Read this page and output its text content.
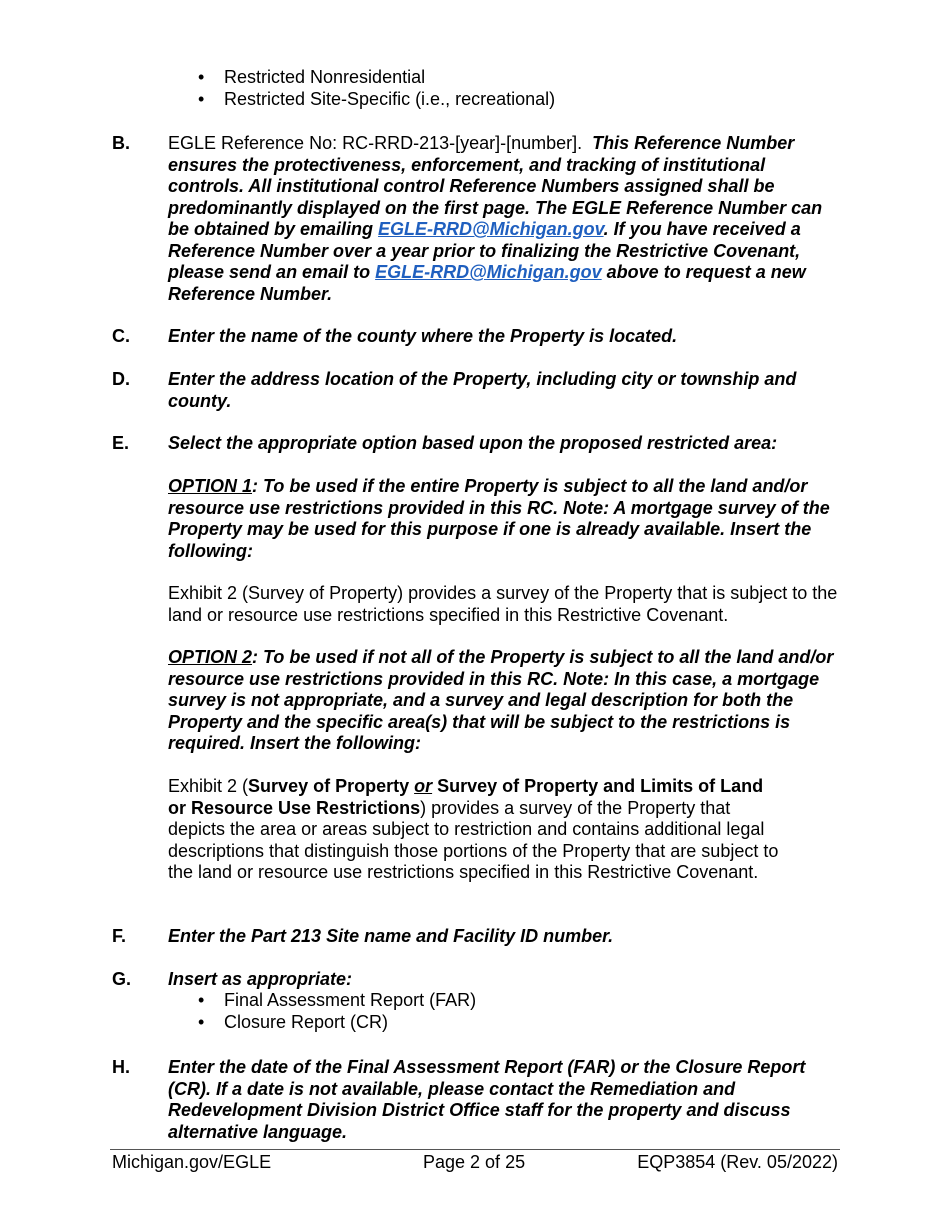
• Restricted Nonresidential
• Restricted Site-Specific (i.e., recreational)
B. EGLE Reference No: RC-RRD-213-[year]-[number]. This Reference Number ensures the protectiveness, enforcement, and tracking of institutional controls. All institutional control Reference Numbers assigned shall be predominantly displayed on the first page. The EGLE Reference Number can be obtained by emailing EGLE-RRD@Michigan.gov. If you have received a Reference Number over a year prior to finalizing the Restrictive Covenant, please send an email to EGLE-RRD@Michigan.gov above to request a new Reference Number.
C. Enter the name of the county where the Property is located.
D. Enter the address location of the Property, including city or township and county.
E. Select the appropriate option based upon the proposed restricted area:
OPTION 1: To be used if the entire Property is subject to all the land and/or resource use restrictions provided in this RC. Note: A mortgage survey of the Property may be used for this purpose if one is already available. Insert the following:
Exhibit 2 (Survey of Property) provides a survey of the Property that is subject to the land or resource use restrictions specified in this Restrictive Covenant.
OPTION 2: To be used if not all of the Property is subject to all the land and/or resource use restrictions provided in this RC. Note: In this case, a mortgage survey is not appropriate, and a survey and legal description for both the Property and the specific area(s) that will be subject to the restrictions is required. Insert the following:
Exhibit 2 (Survey of Property or Survey of Property and Limits of Land or Resource Use Restrictions) provides a survey of the Property that depicts the area or areas subject to restriction and contains additional legal descriptions that distinguish those portions of the Property that are subject to the land or resource use restrictions specified in this Restrictive Covenant.
F. Enter the Part 213 Site name and Facility ID number.
G. Insert as appropriate:
• Final Assessment Report (FAR)
• Closure Report (CR)
H. Enter the date of the Final Assessment Report (FAR) or the Closure Report (CR). If a date is not available, please contact the Remediation and Redevelopment Division District Office staff for the property and discuss alternative language.
Michigan.gov/EGLE	Page 2 of 25	EQP3854 (Rev. 05/2022)
